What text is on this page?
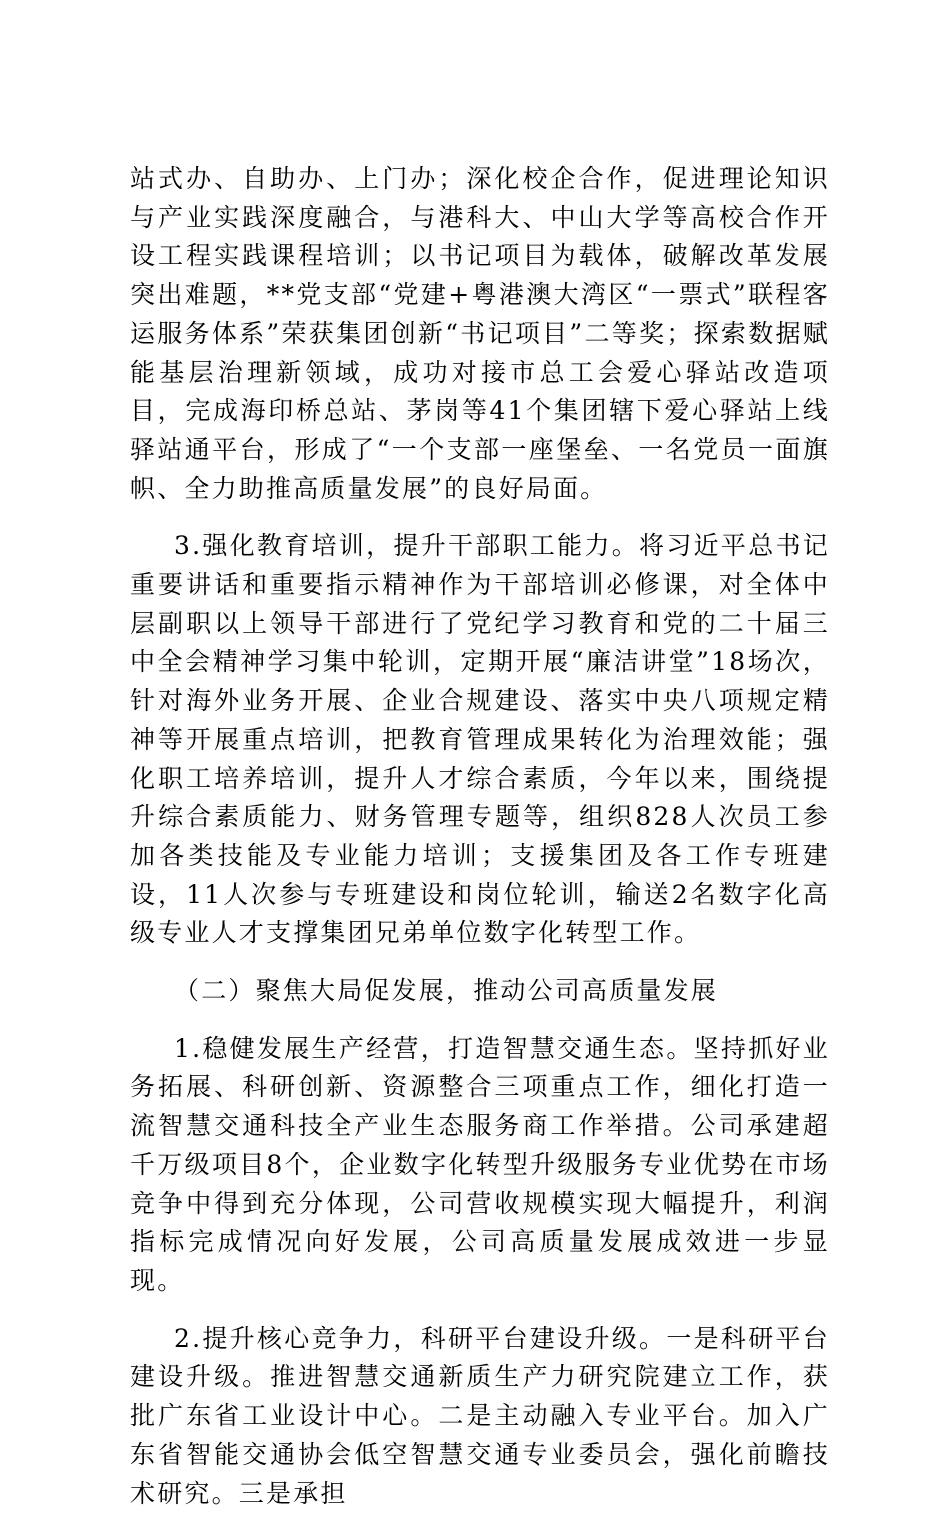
站式办、自助办、上门办；深化校企合作，促进理论知识与产业实践深度融合，与港科大、中山大学等高校合作开设工程实践课程培训；以书记项目为载体，破解改革发展突出难题，**党支部“党建+粤港澳大湾区“一票式”联程客运服务体系”荣获集团创新“书记项目”二等奖；探索数据赋能基层治理新领域，成功对接市总工会爱心驿站改造项目，完成海印桥总站、茅岗等41个集团辖下爱心驿站上线驿站通平台，形成了“一个支部一座堡垒、一名党员一面旗帜、全力助推高质量发展”的良好局面。

3.强化教育培训，提升干部职工能力。将习近平总书记重要讲话和重要指示精神作为干部培训必修课，对全体中层副职以上领导干部进行了党纪学习教育和党的二十届三中全会精神学习集中轮训，定期开展“廉洁讲堂”18场次，针对海外业务开展、企业合规建设、落实中央八项规定精神等开展重点培训，把教育管理成果转化为治理效能；强化职工培养培训，提升人才综合素质，今年以来，围绕提升综合素质能力、财务管理专题等，组织828人次员工参加各类技能及专业能力培训；支援集团及各工作专班建设，11人次参与专班建设和岗位轮训，输送2名数字化高级专业人才支撑集团兄弟单位数字化转型工作。

（二）聚焦大局促发展，推动公司高质量发展

1.稳健发展生产经营，打造智慧交通生态。坚持抓好业务拓展、科研创新、资源整合三项重点工作，细化打造一流智慧交通科技全产业生态服务商工作举措。公司承建超千万级项目8个，企业数字化转型升级服务专业优势在市场竞争中得到充分体现，公司营收规模实现大幅提升，利润指标完成情况向好发展，公司高质量发展成效进一步显现。

2.提升核心竞争力，科研平台建设升级。一是科研平台建设升级。推进智慧交通新质生产力研究院建立工作，获批广东省工业设计中心。二是主动融入专业平台。加入广东省智能交通协会低空智慧交通专业委员会，强化前瞻技术研究。三是承担
